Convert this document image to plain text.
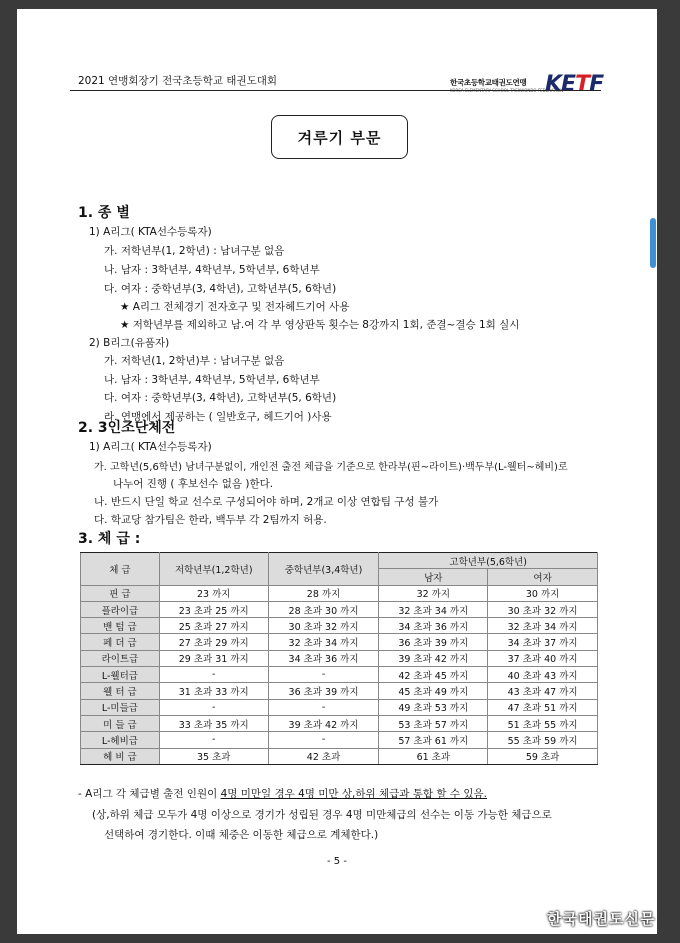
2021 연맹회장기 전국초등학교 태권도대회	한국초등학교태권도연맹
KOREA ELEMENTARY SCHOOL TAEKWONDO FEDERATION
KETF
겨루기 부문
1. 종 별
1) A리그( KTA선수등록자)
가. 저학년부(1, 2학년) : 남녀구분 없음
나. 남자 : 3학년부, 4학년부, 5학년부, 6학년부
다. 여자 : 중학년부(3, 4학년), 고학년부(5, 6학년)
★ A리그 전체경기 전자호구 및 전자헤드기어 사용
★ 저학년부를 제외하고 남.여 각 부 영상판독 횟수는 8강까지 1회, 준결~결승 1회 실시
2) B리그(유품자)
가. 저학년(1, 2학년)부 : 남녀구분 없음
나. 남자 : 3학년부, 4학년부, 5학년부, 6학년부
다. 여자 : 중학년부(3, 4학년), 고학년부(5, 6학년)
라. 연맹에서 제공하는 ( 일반호구, 헤드기어 )사용
2. 3인조단체전
1) A리그( KTA선수등록자)
가. 고학년(5,6학년) 남녀구분없이, 개인전 출전 체급을 기준으로 한라부(핀~라이트)·백두부(L-웰터~헤비)로
나누어 진행 ( 후보선수 없음 )한다.
나. 반드시 단일 학교 선수로 구성되어야 하며, 2개교 이상 연합팀 구성 불가
다. 학교당 참가팀은 한라, 백두부 각 2팀까지 허용.
3. 체 급 :
체 급	저학년부(1,2학년)	중학년부(3,4학년)	고학년부(5,6학년)	
			남자	여자
핀 급	23 까지	28 까지	32 까지	30 까지
플라이급	23 초과 25 까지	28 초과 30 까지	32 초과 34 까지	30 초과 32 까지
밴 텀 급	25 초과 27 까지	30 초과 32 까지	34 초과 36 까지	32 초과 34 까지
페 더 급	27 초과 29 까지	32 초과 34 까지	36 초과 39 까지	34 초과 37 까지
라이트급	29 초과 31 까지	34 초과 36 까지	39 초과 42 까지	37 초과 40 까지
L-웰터급	-	-	42 초과 45 까지	40 초과 43 까지
웰 터 급	31 초과 33 까지	36 초과 39 까지	45 초과 49 까지	43 초과 47 까지
L-미들급	-	-	49 초과 53 까지	47 초과 51 까지
미 들 급	33 초과 35 까지	39 초과 42 까지	53 초과 57 까지	51 초과 55 까지
L-헤비급	-	-	57 초과 61 까지	55 초과 59 까지
헤 비 급	35 초과	42 초과	61 초과	59 초과
- A리그 각 체급별 출전 인원이 4명 미만일 경우 4명 미만 상,하위 체급과 통합 할 수 있음.
(상,하위 체급 모두가 4명 이상으로 경기가 성립된 경우 4명 미만체급의 선수는 이동 가능한 체급으로
선택하여 경기한다. 이때 체중은 이동한 체급으로 계체한다.)
- 5 -
한국태권도신문
